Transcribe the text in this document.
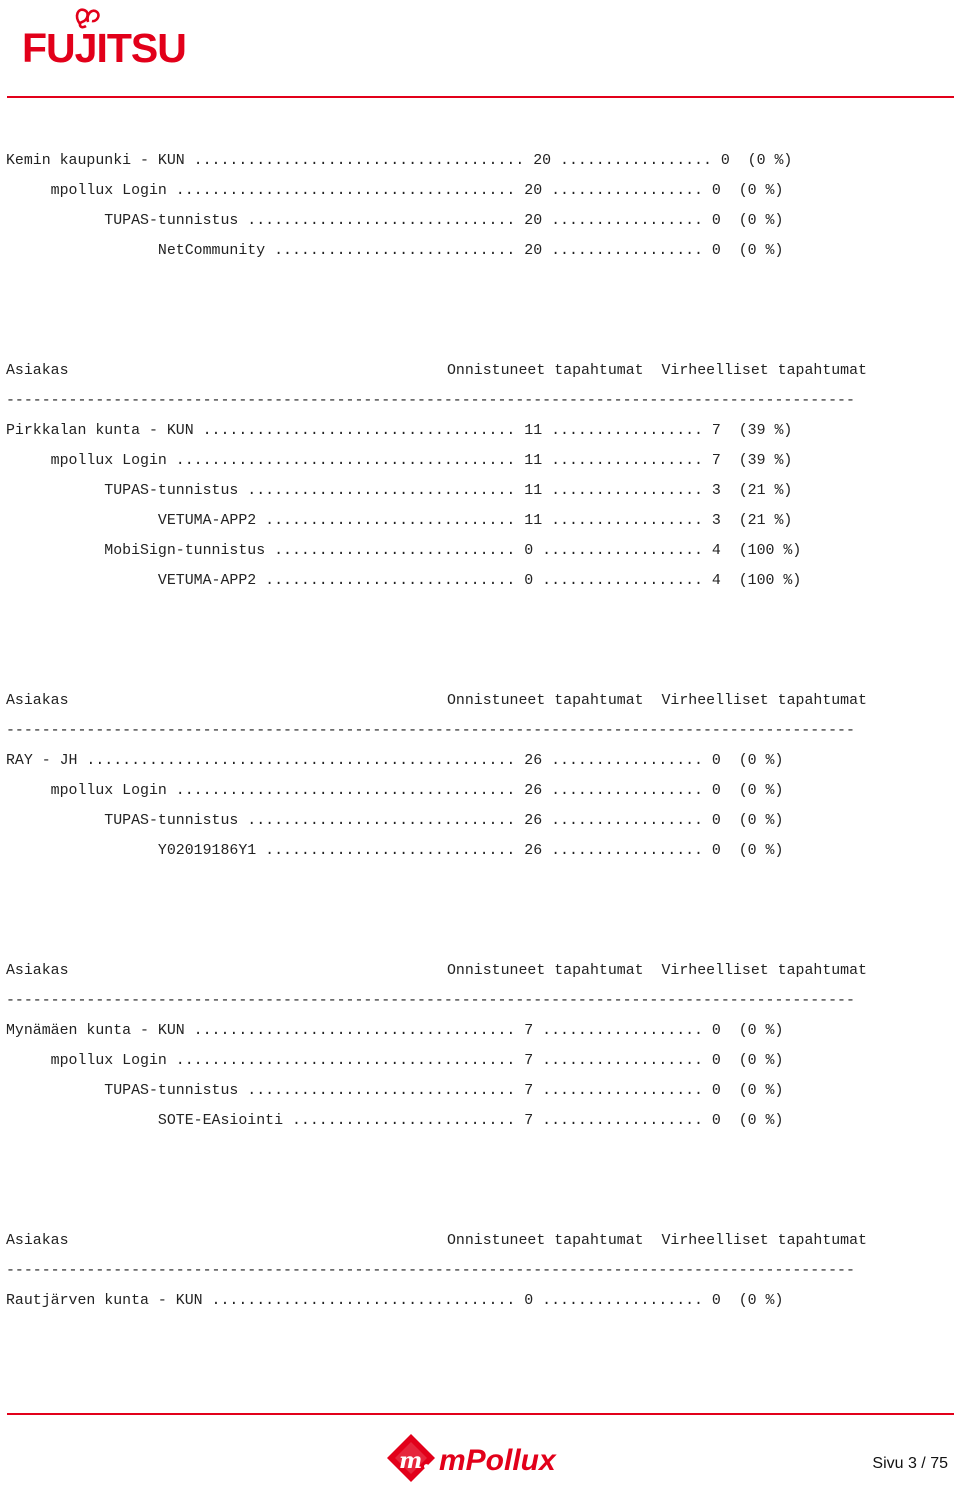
FUJITSU
Kemin kaupunki - KUN ..................................... 20 ................. 0  (0 %)
mpollux Login ...................................... 20 ................. 0  (0 %)
TUPAS-tunnistus .............................. 20 ................. 0  (0 %)
NetCommunity ........................... 20 ................. 0  (0 %)
Asiakas	Onnistuneet tapahtumat Virheelliset tapahtumat
-----------------------------------------------------------------------------------------------
Pirkkalan kunta - KUN ................................... 11 ................. 7  (39 %)
mpollux Login ...................................... 11 ................. 7  (39 %)
TUPAS-tunnistus .............................. 11 ................. 3  (21 %)
VETUMA-APP2 ............................ 11 ................. 3  (21 %)
MobiSign-tunnistus ........................... 0 .................. 4  (100 %)
VETUMA-APP2 ............................ 0 .................. 4  (100 %)
Asiakas	Onnistuneet tapahtumat Virheelliset tapahtumat
-----------------------------------------------------------------------------------------------
RAY - JH ................................................ 26 ................. 0  (0 %)
mpollux Login ...................................... 26 ................. 0  (0 %)
TUPAS-tunnistus .............................. 26 ................. 0  (0 %)
Y02019186Y1 ............................ 26 ................. 0  (0 %)
Asiakas	Onnistuneet tapahtumat Virheelliset tapahtumat
-----------------------------------------------------------------------------------------------
Mynämäen kunta - KUN .................................... 7 .................. 0  (0 %)
mpollux Login ...................................... 7 .................. 0  (0 %)
TUPAS-tunnistus .............................. 7 .................. 0  (0 %)
SOTE-EAsiointi ......................... 7 .................. 0  (0 %)
Asiakas	Onnistuneet tapahtumat Virheelliset tapahtumat
-----------------------------------------------------------------------------------------------
Rautjärven kunta - KUN .................................. 0 .................. 0  (0 %)
m. mPollux	Sivu 3 / 75
